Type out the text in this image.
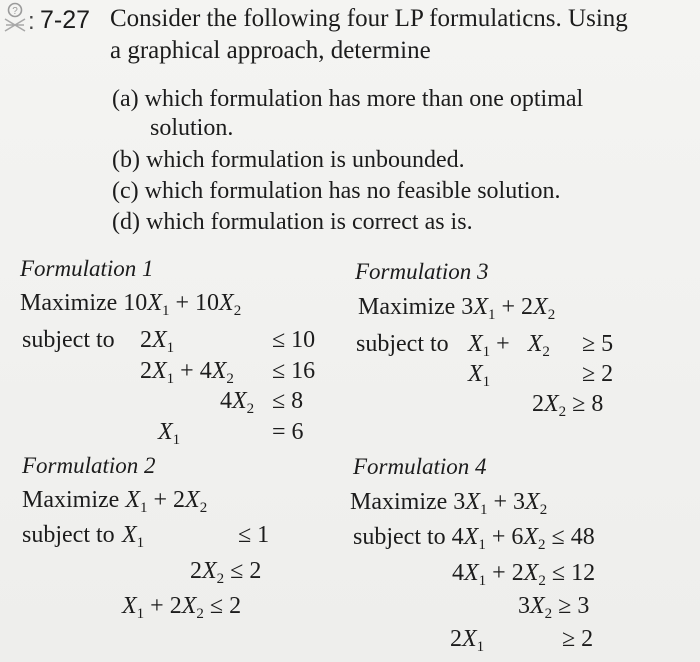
? : 7-27 Consider the following four LP formulaticns. Using
a graphical approach, determine
(a) which formulation has more than one optimal
solution.
(b) which formulation is unbounded.
(c) which formulation has no feasible solution.
(d) which formulation is correct as is.
Formulation 1
Maximize $10X_1 + 10X_2$
subject to $2X_1$	≤ 10
$2X_1 + 4X_2 \le 16$
$4X_2 \le 8$
$X_1$	= 6
Formulation 2
Maximize $X_1 + 2X_2$
subject to $X_1$	≤ 1
$2X_2 \le 2$
$X_1 + 2X_2 \le 2$
Formulation 3
Maximize $3X_1 + 2X_2$
subject to $X_1 + X_2 \ge 5$
$X_1$	≥ 2
$2X_2 \ge 8$
Formulation 4
Maximize $3X_1 + 3X_2$
subject to $4X_1 + 6X_2 \le 48$
$4X_1 + 2X_2 \le 12$
$3X_2 \ge 3$
$2X_1$	≥ 2
